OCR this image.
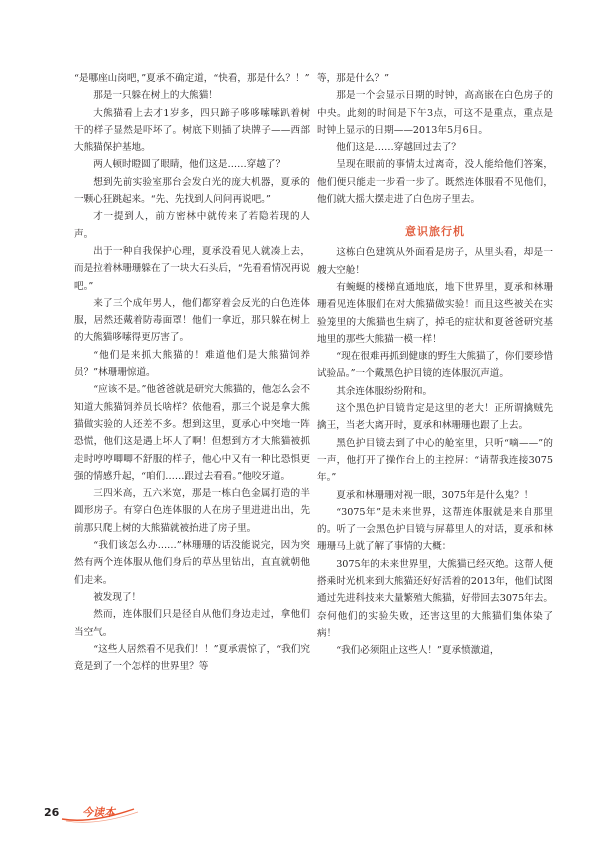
“是哪座山岗吧，”夏承不确定道，“快看，那是什么？！”

那是一只躲在树上的大熊猫！

大熊猫看上去才1岁多，四只蹄子哆哆嗦嗦趴着树干的样子显然是吓坏了。树底下则插了块牌子——西部大熊猫保护基地。

两人顿时瞪圆了眼睛，他们这是……穿越了？

想到先前实验室那台会发白光的庞大机器，夏承的一颗心狂跳起来。“先、先找到人问问再说吧。”

才一提到人，前方密林中就传来了若隐若现的人声。

出于一种自我保护心理，夏承没看见人就凑上去，而是拉着林珊珊躲在了一块大石头后，“先看看情况再说吧。”

来了三个成年男人，他们都穿着会反光的白色连体服，居然还戴着防毒面罩！他们一拿近，那只躲在树上的大熊猫哆嗦得更厉害了。

“他们是来抓大熊猫的！难道他们是大熊猫饲养员？”林珊珊惊道。

“应该不是。”他爸爸就是研究大熊猫的，他怎么会不知道大熊猫饲养员长啥样？依他看，那三个说是拿大熊猫做实验的人还差不多。想到这里，夏承心中突地一阵恐慌，他们这是遇上坏人了啊！但想到方才大熊猫被抓走时哼哼唧唧不舒服的样子，他心中又有一种比恐惧更强的情感升起，“咱们……跟过去看看。”他咬牙道。

三四米高，五六米宽，那是一栋白色金属打造的半圆形房子。有穿白色连体服的人在房子里进进出出，先前那只爬上树的大熊猫就被抬进了房子里。

“我们该怎么办……”林珊珊的话没能说完，因为突然有两个连体服从他们身后的草丛里钻出，直直就朝他们走来。

被发现了！

然而，连体服们只是径自从他们身边走过，拿他们当空气。

“这些人居然看不见我们！！”夏承震惊了，“我们究竟是到了一个怎样的世界里？等

等，那是什么？”

那是一个会显示日期的时钟，高高嵌在白色房子的中央。此刻的时间是下午3点，可这不是重点，重点是时钟上显示的日期——2013年5月6日。

他们这是……穿越回过去了？

呈现在眼前的事情太过离奇，没人能给他们答案，他们便只能走一步看一步了。既然连体服看不见他们，他们就大摇大摆走进了白色房子里去。

意识旅行机

这栋白色建筑从外面看是房子，从里头看，却是一艘大空舱！

有蜿蜒的楼梯直通地底，地下世界里，夏承和林珊珊看见连体服们在对大熊猫做实验！而且这些被关在实验笼里的大熊猫也生病了，掉毛的症状和夏爸爸研究基地里的那些大熊猫一模一样！

“现在很难再抓到健康的野生大熊猫了，你们要珍惜试验品。”一个戴黑色护目镜的连体服沉声道。

其余连体服纷纷附和。

这个黑色护目镜肯定是这里的老大！正所谓擒贼先擒王，当老大离开时，夏承和林珊珊也跟了上去。

黑色护目镜去到了中心的舱室里，只听“嘀——”的一声，他打开了操作台上的主控屏：“请帮我连接3075年。”

夏承和林珊珊对视一眼，3075年是什么鬼？！

“3075年”是未来世界，这帮连体服就是来自那里的。听了一会黑色护目镜与屏幕里人的对话，夏承和林珊珊马上就了解了事情的大概：

3075年的未来世界里，大熊猫已经灭绝。这帮人便搭乘时光机来到大熊猫还好好活着的2013年，他们试图通过先进科技来大量繁殖大熊猫，好带回去3075年去。奈何他们的实验失败，还害这里的大熊猫们集体染了病！

“我们必须阻止这些人！”夏承愤激道，

26 今读本
